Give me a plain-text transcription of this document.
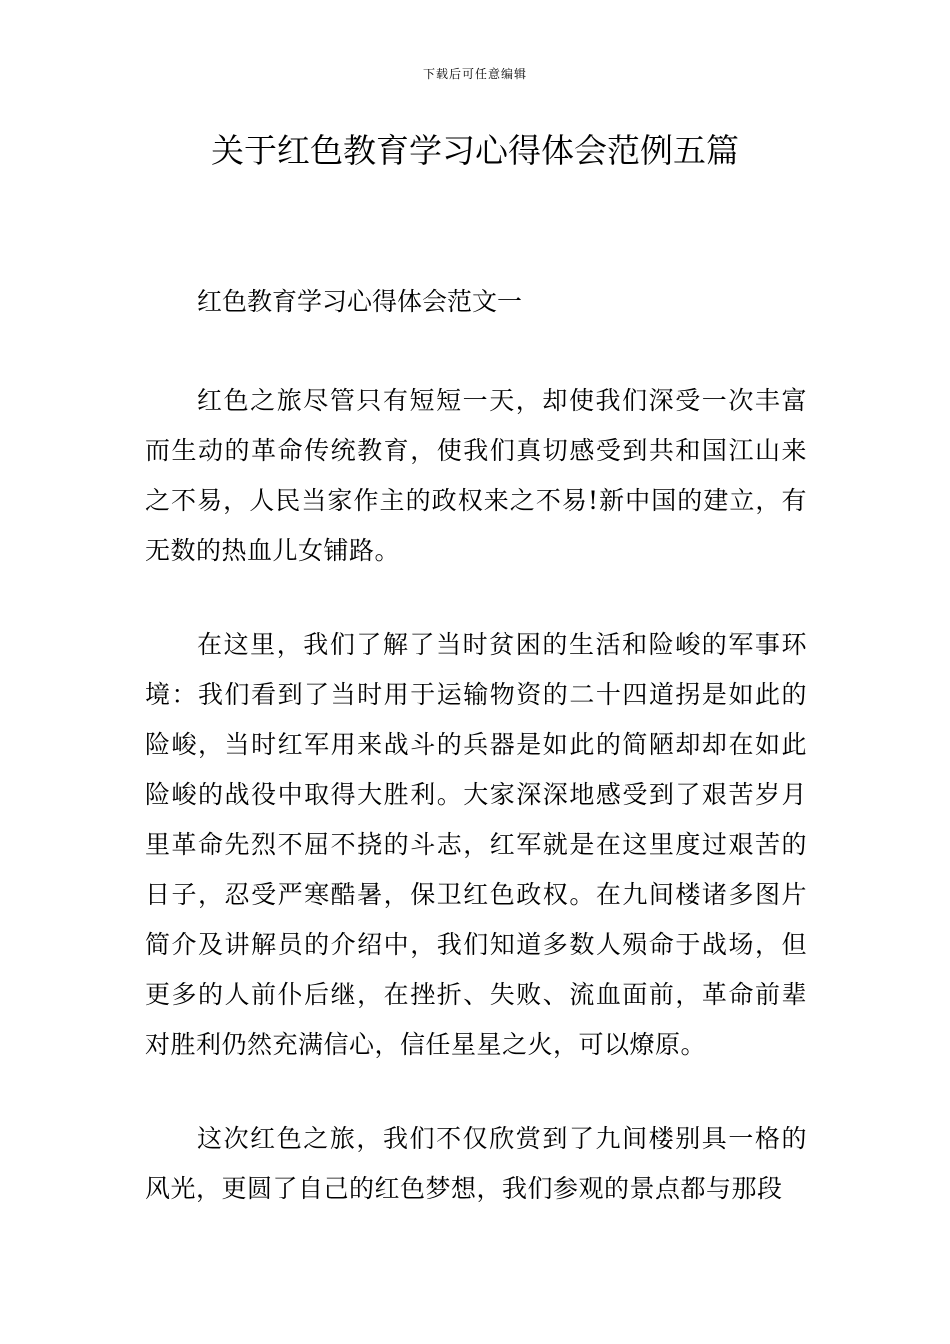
下载后可任意编辑
关于红色教育学习心得体会范例五篇

红色教育学习心得体会范文一

红色之旅尽管只有短短一天，却使我们深受一次丰富而生动的革命传统教育，使我们真切感受到共和国江山来之不易，人民当家作主的政权来之不易!新中国的建立，有无数的热血儿女铺路。

在这里，我们了解了当时贫困的生活和险峻的军事环境：我们看到了当时用于运输物资的二十四道拐是如此的险峻，当时红军用来战斗的兵器是如此的简陋却却在如此险峻的战役中取得大胜利。大家深深地感受到了艰苦岁月里革命先烈不屈不挠的斗志，红军就是在这里度过艰苦的日子，忍受严寒酷暑，保卫红色政权。在九间楼诸多图片简介及讲解员的介绍中，我们知道多数人殒命于战场，但更多的人前仆后继，在挫折、失败、流血面前，革命前辈对胜利仍然充满信心，信任星星之火，可以燎原。

这次红色之旅，我们不仅欣赏到了九间楼别具一格的风光，更圆了自己的红色梦想，我们参观的景点都与那段
